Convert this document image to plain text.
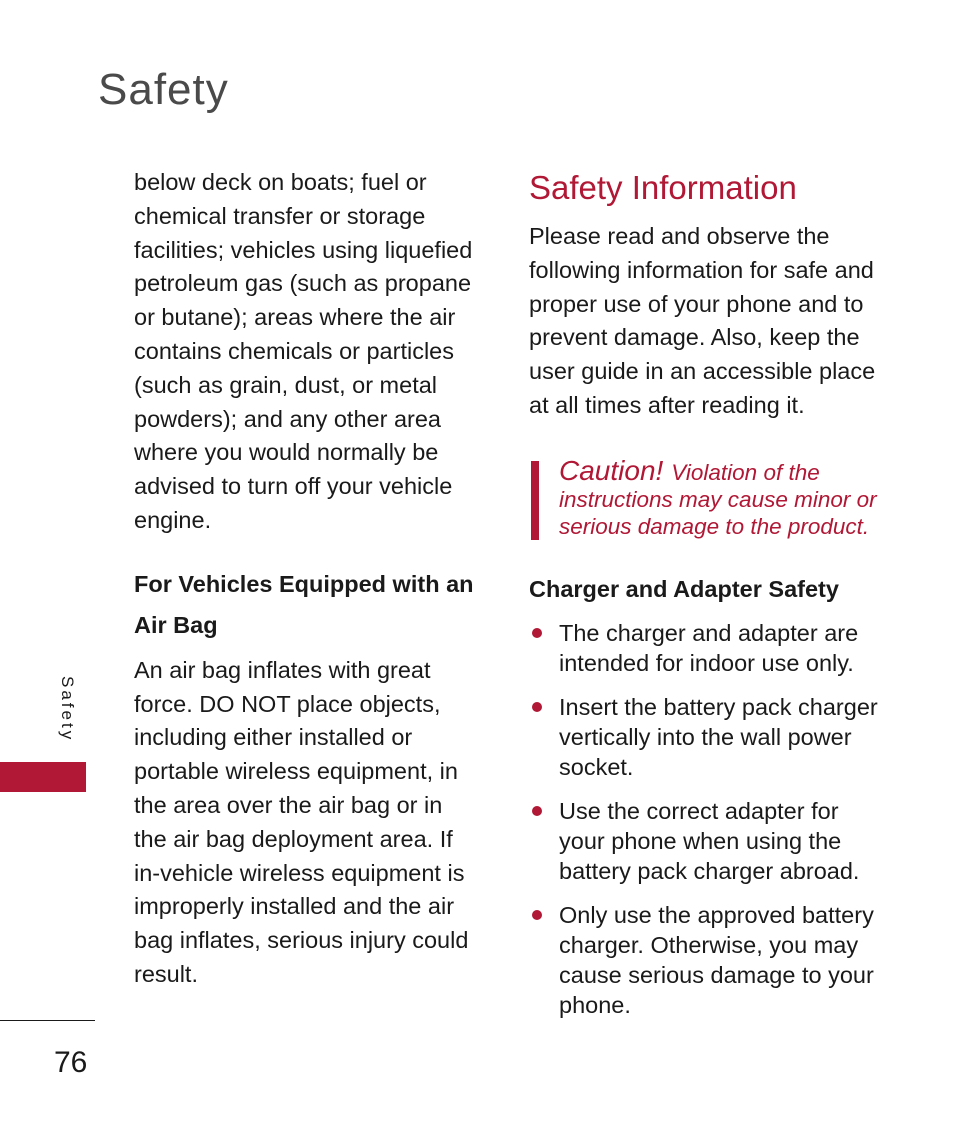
Safety

below deck on boats; fuel or chemical transfer or storage facilities; vehicles using liquefied petroleum gas (such as propane or butane); areas where the air contains chemicals or particles (such as grain, dust, or metal powders); and any other area where you would normally be advised to turn off your vehicle engine.

For Vehicles Equipped with an Air Bag

An air bag inflates with great force. DO NOT place objects, including either installed or portable wireless equipment, in the area over the air bag or in the air bag deployment area. If in-vehicle wireless equipment is improperly installed and the air bag inflates, serious injury could result.

Safety Information

Please read and observe the following information for safe and proper use of your phone and to prevent damage. Also, keep the user guide in an accessible place at all times after reading it.

Caution! Violation of the instructions may cause minor or serious damage to the product.
Charger and Adapter Safety
The charger and adapter are intended for indoor use only.
Insert the battery pack charger vertically into the wall power socket.
Use the correct adapter for your phone when using the battery pack charger abroad.
Only use the approved battery charger. Otherwise, you may cause serious damage to your phone.
Safety
76
